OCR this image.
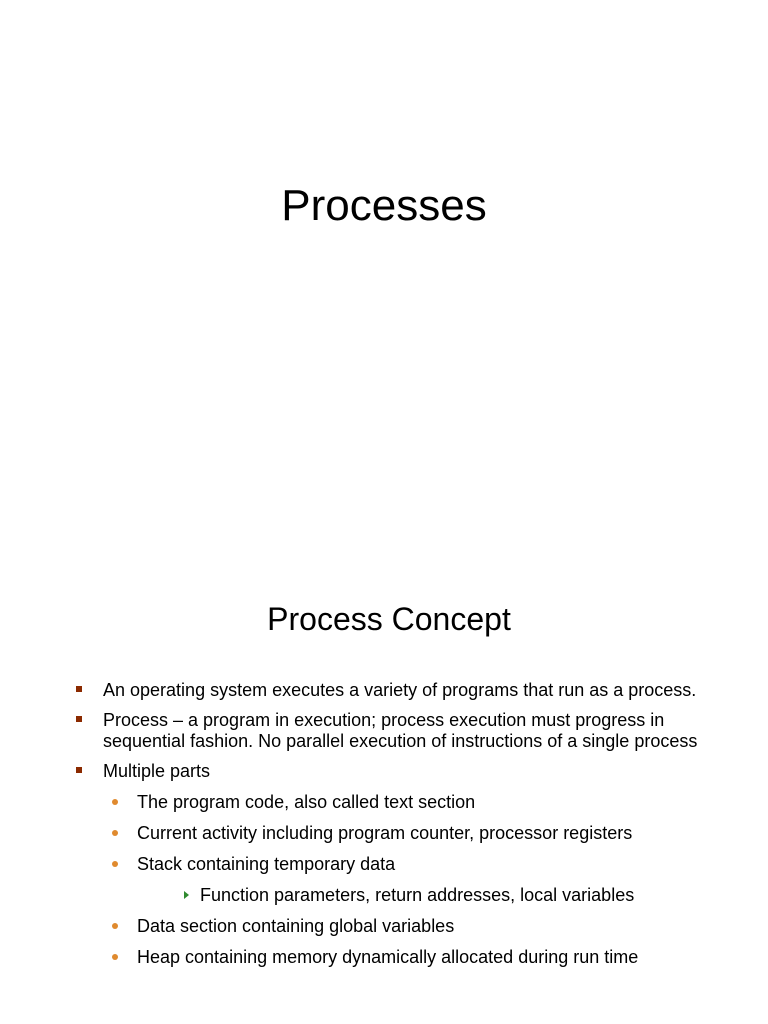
Processes
Process Concept
An operating system executes a variety of programs that run as a process.
Process – a program in execution; process execution must progress in sequential fashion. No parallel execution of instructions of a single process
Multiple parts
The program code, also called text section
Current activity including program counter, processor registers
Stack containing temporary data
Function parameters, return addresses, local variables
Data section containing global variables
Heap containing memory dynamically allocated during run time
